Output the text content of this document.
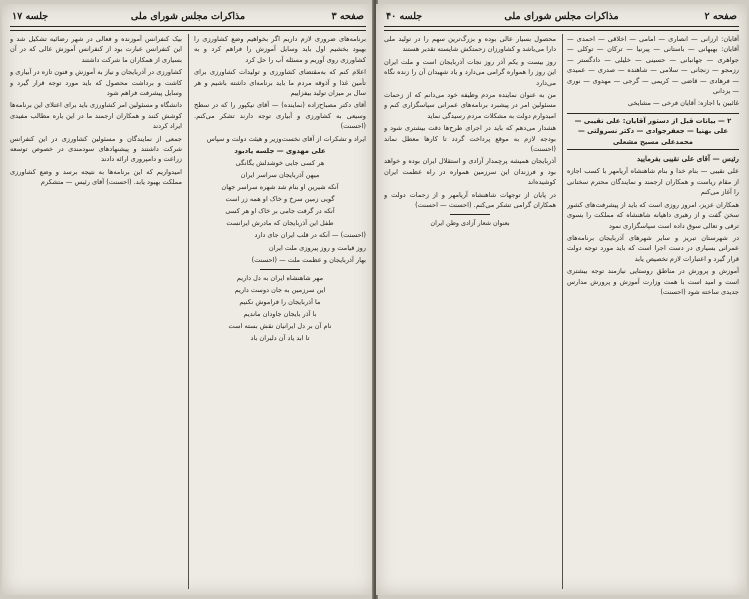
صفحه ۳
مذاکرات مجلس شورای ملی
جلسه ۱۷

برنامه‌های ضروری لازم داریم اگر بخواهیم وضع کشاورزی را بهبود بخشیم اول باید وسایل آموزش را فراهم کرد و به کشاورزی روی آوریم و مسئله آب را حل کرد

اعلام کنم که به‌مقتضای کشاورزی و تولیدات کشاورزی برای تأمین غذا و آذوقه مردم ما باید برنامه‌ای داشته باشیم و هر سال بر میزان تولید بیفزاییم

آقای دکتر مصباح‌زاده (نماینده) — آقای نیکپور را که در سطح وسیعی به کشاورزی و آبیاری توجه دارند تشکر می‌کنم. (احسنت)

ایراد و تشکرات از آقای نخست‌وزیر و هیئت دولت و سپاس

علی مهدوی — جلسه یادبود
هر کسی جایی خوشدلش یگانگی
میهن آذربایجان سراسر ایران
آنکه شیرین او بنام شد شهره سراسر جهان
گویی زمین سرخ و خاک او همه زر است
آنکه در گرفت جامی بر خاک او هر کسی
طفل این آذربایجان که مادرش ایرانست

(احسنت) — آنکه در قلب ایران جای دارد

روز قیامت و روز پیروزی ملت ایران

بهار آذربایجان و عظمت ملت — (احسنت)

مهر شاهنشاه ایران به دل داریم
این سرزمین به جان دوست داریم
ما آذربایجان را فراموش نکنیم
با آذر بایجان جاودان ماندیم
نام آن بر دل ایرانیان نقش بسته است
تا ابد یاد آن دلیران باد

بیک کنفرانس آموزنده و فعالی در شهر رضائیه تشکیل شد و این کنفرانس عبارت بود از کنفرانس آموزش عالی که در آن بسیاری از همکاران ما شرکت داشتند

کشاورزی در آذربایجان و نیاز به آموزش و فنون تازه در آبیاری و کاشت و برداشت محصول که باید مورد توجه قرار گیرد و وسایل پیشرفت فراهم شود

دانشگاه و مسئولین امر کشاورزی باید برای اعتلای این برنامه‌ها کوشش کنند و همکاران ارجمند ما در این باره مطالب مفیدی ایراد کردند

جمعی از نمایندگان و مسئولین کشاورزی در این کنفرانس شرکت داشتند و پیشنهادهای سودمندی در خصوص توسعه زراعت و دامپروری ارائه دادند

امیدواریم که این برنامه‌ها به نتیجه برسد و وضع کشاورزی مملکت بهبود یابد. (احسنت) آقای رئیس — متشکرم

صفحه ۲
مذاکرات مجلس شورای ملی
جلسه ۴۰

آقایان: ارزانی — انصاری — امامی — اخلاقی — احمدی — آقایان: بهبهانی — باستانی — پیرنیا — ترکان — توکلی — جواهری — جهانبانی — حسینی — خلیلی — دادگستر — رزمجو — زنجانی — سلامی — شاهنده — صدری — عمیدی — فرهادی — قاضی — کریمی — گرجی — مهدوی — نوری — یزدانی

غائبین با اجازه: آقایان فرخی — مشایخی

۲ — بیانات قبل از دستور آقایان: علی نقیبی — علی بهنیا — جعفرجوادی — دکتر نسرولتی — محمدعلی مسیح مشعلی

رئیس — آقای علی نقیبی بفرمایید

علی نقیبی — بنام خدا و بنام شاهنشاه آریامهر با کسب اجازه از مقام ریاست و همکاران ارجمند و نمایندگان محترم سخنانی را آغاز می‌کنم

همکاران عزیز، امروز روزی است که باید از پیشرفت‌های کشور سخن گفت و از رهبری داهیانه شاهنشاه که مملکت را بسوی ترقی و تعالی سوق داده است سپاسگزاری نمود

در شهرستان تبریز و سایر شهرهای آذربایجان برنامه‌های عمرانی بسیاری در دست اجرا است که باید مورد توجه دولت قرار گیرد و اعتبارات لازم تخصیص یابد

آموزش و پرورش در مناطق روستایی نیازمند توجه بیشتری است و امید است با همت وزارت آموزش و پرورش مدارس جدیدی ساخته شود (احسنت)

محصول بسیار عالی بوده و بزرگ‌ترین سهم را در تولید ملی دارا می‌باشد و کشاورزان زحمتکش شایسته تقدیر هستند

روز بیست و یکم آذر روز نجات آذربایجان است و ملت ایران این روز را همواره گرامی می‌دارد و یاد شهیدان آن را زنده نگاه می‌دارد

من به عنوان نماینده مردم وظیفه خود می‌دانم که از زحمات مسئولین امر در پیشبرد برنامه‌های عمرانی سپاسگزاری کنم و امیدوارم دولت به مشکلات مردم رسیدگی نماید

هشدار می‌دهم که باید در اجرای طرح‌ها دقت بیشتری شود و بودجه لازم به موقع پرداخت گردد تا کارها معطل نماند (احسنت)

آذربایجان همیشه پرچمدار آزادی و استقلال ایران بوده و خواهد بود و فرزندان این سرزمین همواره در راه عظمت ایران کوشیده‌اند

در پایان از توجهات شاهنشاه آریامهر و از زحمات دولت و همکاران گرامی تشکر می‌کنم. (احسنت — احسنت)

بعنوان شعار آزادی وطن ایران
